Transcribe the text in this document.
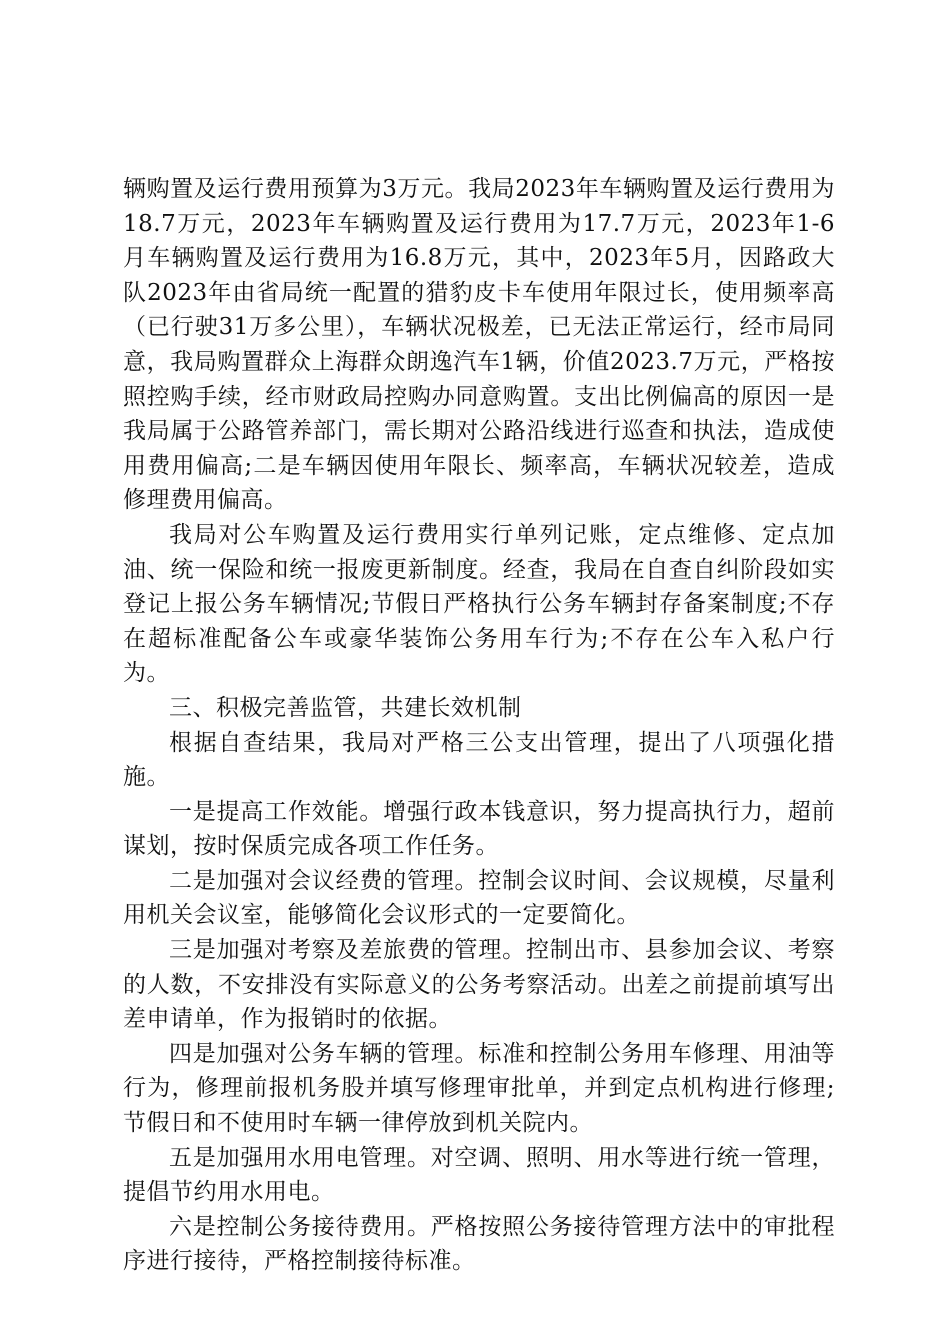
辆购置及运行费用预算为3万元。我局2023年车辆购置及运行费用为18.7万元，2023年车辆购置及运行费用为17.7万元，2023年1-6月车辆购置及运行费用为16.8万元，其中，2023年5月，因路政大队2023年由省局统一配置的猎豹皮卡车使用年限过长，使用频率高（已行驶31万多公里），车辆状况极差，已无法正常运行，经市局同意，我局购置群众上海群众朗逸汽车1辆，价值2023.7万元，严格按照控购手续，经市财政局控购办同意购置。支出比例偏高的原因一是我局属于公路管养部门，需长期对公路沿线进行巡查和执法，造成使用费用偏高;二是车辆因使用年限长、频率高，车辆状况较差，造成修理费用偏高。

我局对公车购置及运行费用实行单列记账，定点维修、定点加油、统一保险和统一报废更新制度。经查，我局在自查自纠阶段如实登记上报公务车辆情况;节假日严格执行公务车辆封存备案制度;不存在超标准配备公车或豪华装饰公务用车行为;不存在公车入私户行为。

三、积极完善监管，共建长效机制

根据自查结果，我局对严格三公支出管理，提出了八项强化措施。

一是提高工作效能。增强行政本钱意识，努力提高执行力，超前谋划，按时保质完成各项工作任务。

二是加强对会议经费的管理。控制会议时间、会议规模，尽量利用机关会议室，能够简化会议形式的一定要简化。

三是加强对考察及差旅费的管理。控制出市、县参加会议、考察的人数，不安排没有实际意义的公务考察活动。出差之前提前填写出差申请单，作为报销时的依据。

四是加强对公务车辆的管理。标准和控制公务用车修理、用油等行为，修理前报机务股并填写修理审批单，并到定点机构进行修理;节假日和不使用时车辆一律停放到机关院内。

五是加强用水用电管理。对空调、照明、用水等进行统一管理，提倡节约用水用电。

六是控制公务接待费用。严格按照公务接待管理方法中的审批程序进行接待，严格控制接待标准。
